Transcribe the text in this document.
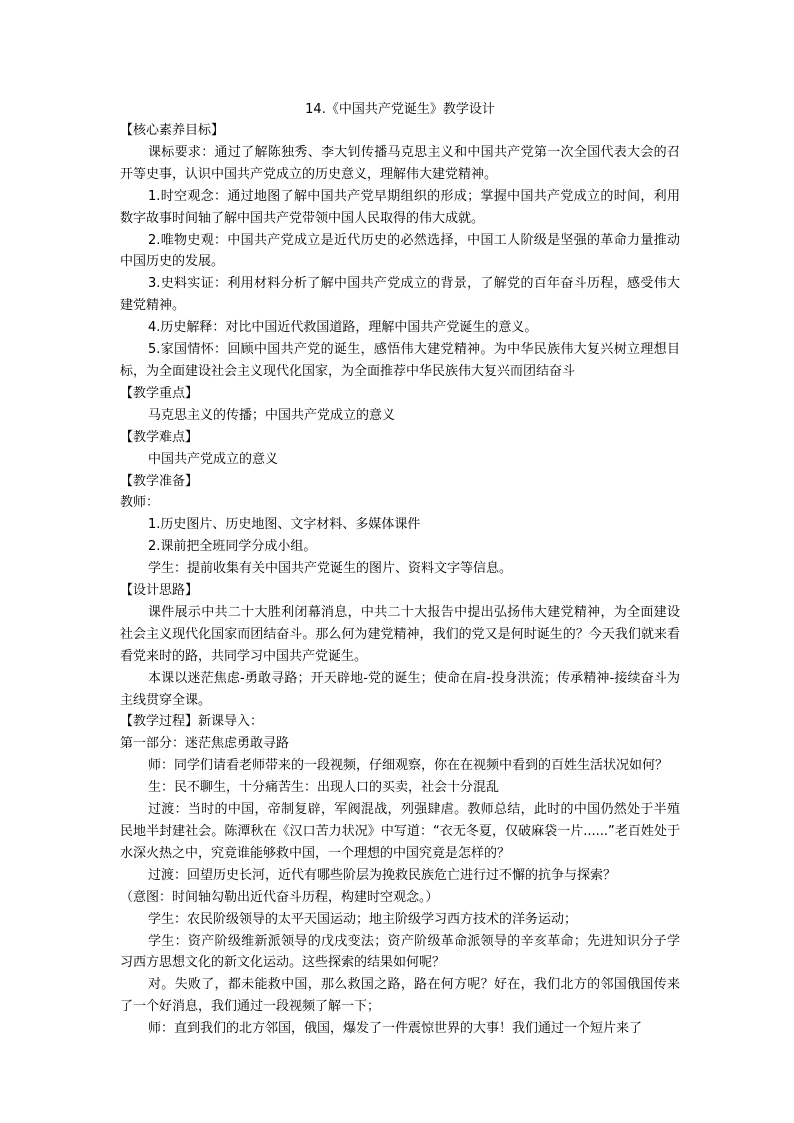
14.《中国共产党诞生》教学设计

【核心素养目标】

课标要求：通过了解陈独秀、李大钊传播马克思主义和中国共产党第一次全国代表大会的召开等史事，认识中国共产党成立的历史意义，理解伟大建党精神。

1.时空观念：通过地图了解中国共产党早期组织的形成；掌握中国共产党成立的时间，利用数字故事时间轴了解中国共产党带领中国人民取得的伟大成就。

2.唯物史观：中国共产党成立是近代历史的必然选择，中国工人阶级是坚强的革命力量推动中国历史的发展。

3.史料实证：利用材料分析了解中国共产党成立的背景，了解党的百年奋斗历程，感受伟大建党精神。

4.历史解释：对比中国近代救国道路，理解中国共产党诞生的意义。

5.家国情怀：回顾中国共产党的诞生，感悟伟大建党精神。为中华民族伟大复兴树立理想目标，为全面建设社会主义现代化国家，为全面推荐中华民族伟大复兴而团结奋斗

【教学重点】

马克思主义的传播；中国共产党成立的意义

【教学难点】

中国共产党成立的意义

【教学准备】

教师：

1.历史图片、历史地图、文字材料、多媒体课件

2.课前把全班同学分成小组。

学生：提前收集有关中国共产党诞生的图片、资料文字等信息。

【设计思路】

课件展示中共二十大胜利闭幕消息，中共二十大报告中提出弘扬伟大建党精神，为全面建设社会主义现代化国家而团结奋斗。那么何为建党精神，我们的党又是何时诞生的？今天我们就来看看党来时的路，共同学习中国共产党诞生。

本课以迷茫焦虑-勇敢寻路；开天辟地-党的诞生；使命在肩-投身洪流；传承精神-接续奋斗为主线贯穿全课。

【教学过程】新课导入：

第一部分：迷茫焦虑勇敢寻路

师：同学们请看老师带来的一段视频，仔细观察，你在在视频中看到的百姓生活状况如何？

生：民不聊生，十分痛苦生：出现人口的买卖，社会十分混乱

过渡：当时的中国，帝制复辟，军阀混战，列强肆虐。教师总结，此时的中国仍然处于半殖民地半封建社会。陈潭秋在《汉口苦力状况》中写道：“衣无冬夏，仅破麻袋一片......”老百姓处于水深火热之中，究竟谁能够救中国，一个理想的中国究竟是怎样的？

过渡：回望历史长河，近代有哪些阶层为挽救民族危亡进行过不懈的抗争与探索？

（意图：时间轴勾勒出近代奋斗历程，构建时空观念。）

学生：农民阶级领导的太平天国运动；地主阶级学习西方技术的洋务运动；

学生：资产阶级维新派领导的戊戌变法；资产阶级革命派领导的辛亥革命；先进知识分子学习西方思想文化的新文化运动。这些探索的结果如何呢？

对。失败了，都未能救中国，那么救国之路，路在何方呢？好在，我们北方的邻国俄国传来了一个好消息，我们通过一段视频了解一下；

师：直到我们的北方邻国，俄国，爆发了一件震惊世界的大事！我们通过一个短片来了
